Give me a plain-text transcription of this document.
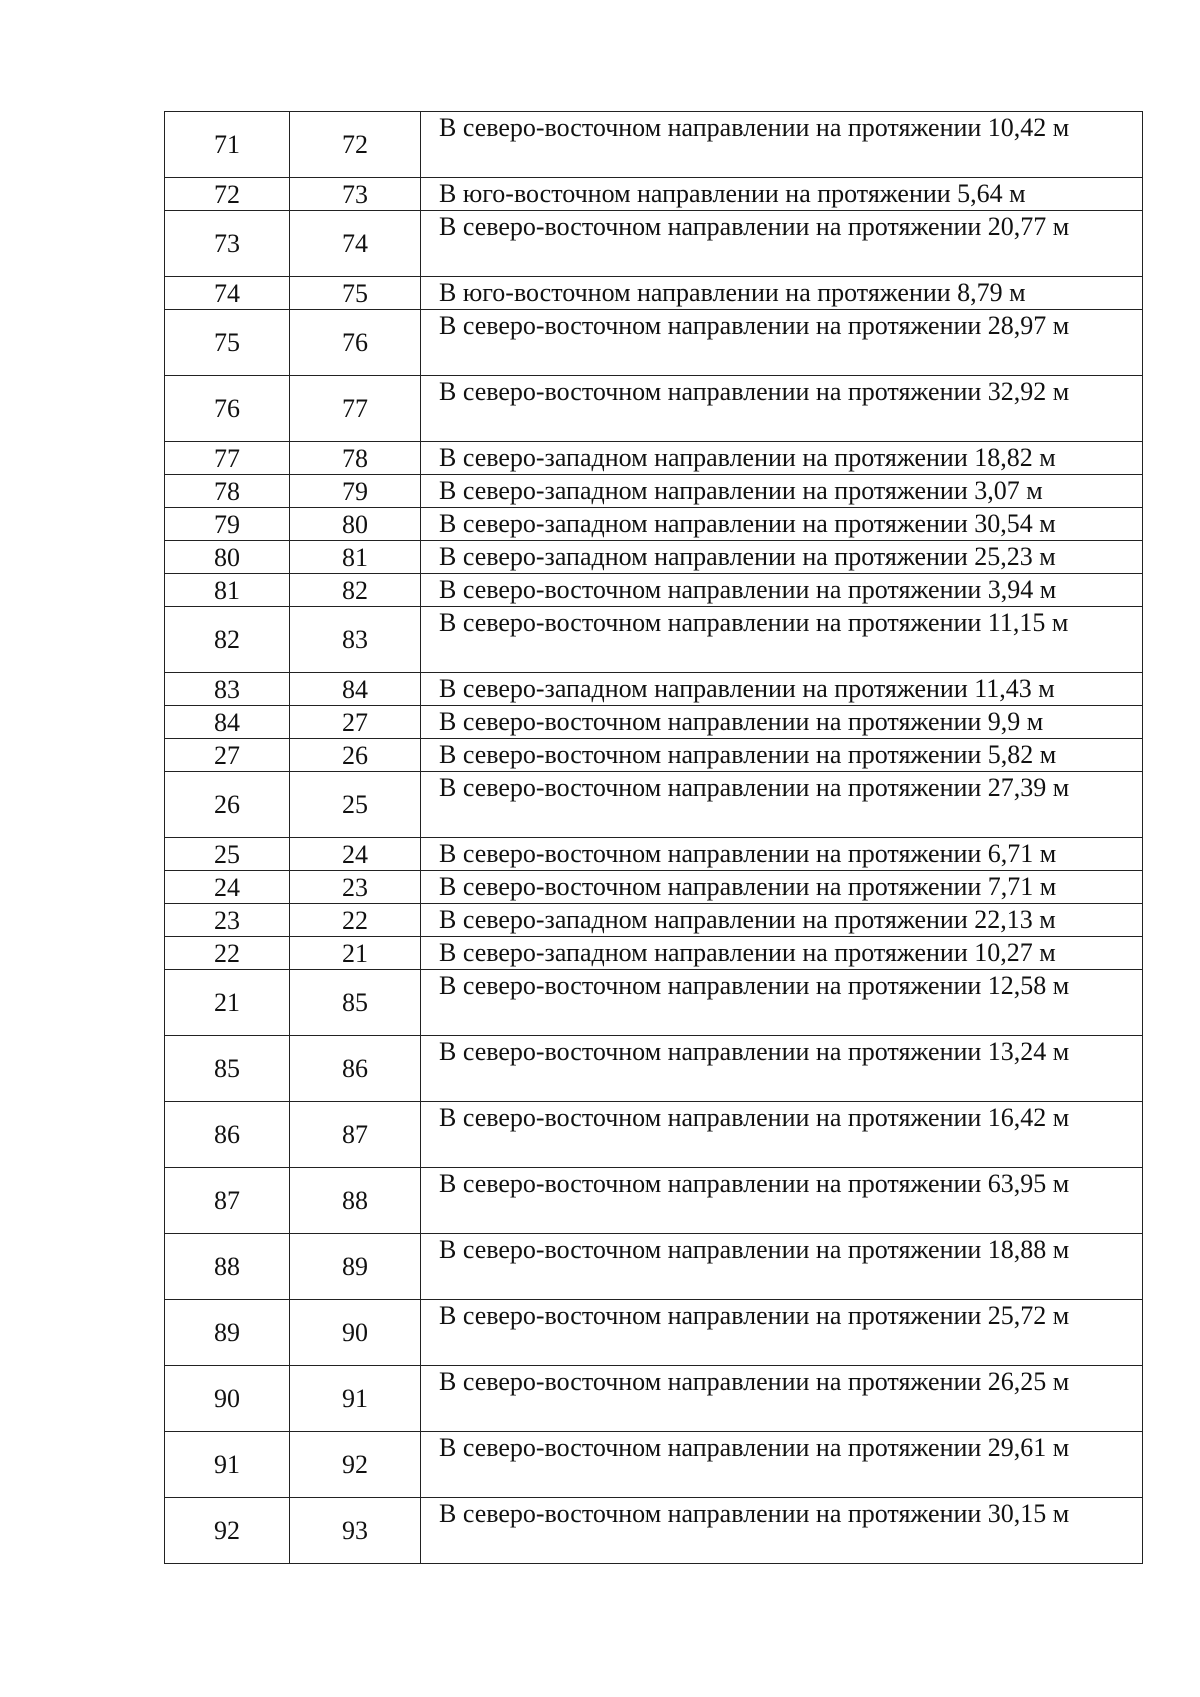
71	72	В северо-восточном направлении на протяжении 10,42 м
72	73	В юго-восточном направлении на протяжении 5,64 м
73	74	В северо-восточном направлении на протяжении 20,77 м
74	75	В юго-восточном направлении на протяжении 8,79 м
75	76	В северо-восточном направлении на протяжении 28,97 м
76	77	В северо-восточном направлении на протяжении 32,92 м
77	78	В северо-западном направлении на протяжении 18,82 м
78	79	В северо-западном направлении на протяжении 3,07 м
79	80	В северо-западном направлении на протяжении 30,54 м
80	81	В северо-западном направлении на протяжении 25,23 м
81	82	В северо-восточном направлении на протяжении 3,94 м
82	83	В северо-восточном направлении на протяжении 11,15 м
83	84	В северо-западном направлении на протяжении 11,43 м
84	27	В северо-восточном направлении на протяжении 9,9 м
27	26	В северо-восточном направлении на протяжении 5,82 м
26	25	В северо-восточном направлении на протяжении 27,39 м
25	24	В северо-восточном направлении на протяжении 6,71 м
24	23	В северо-восточном направлении на протяжении 7,71 м
23	22	В северо-западном направлении на протяжении 22,13 м
22	21	В северо-западном направлении на протяжении 10,27 м
21	85	В северо-восточном направлении на протяжении 12,58 м
85	86	В северо-восточном направлении на протяжении 13,24 м
86	87	В северо-восточном направлении на протяжении 16,42 м
87	88	В северо-восточном направлении на протяжении 63,95 м
88	89	В северо-восточном направлении на протяжении 18,88 м
89	90	В северо-восточном направлении на протяжении 25,72 м
90	91	В северо-восточном направлении на протяжении 26,25 м
91	92	В северо-восточном направлении на протяжении 29,61 м
92	93	В северо-восточном направлении на протяжении 30,15 м
